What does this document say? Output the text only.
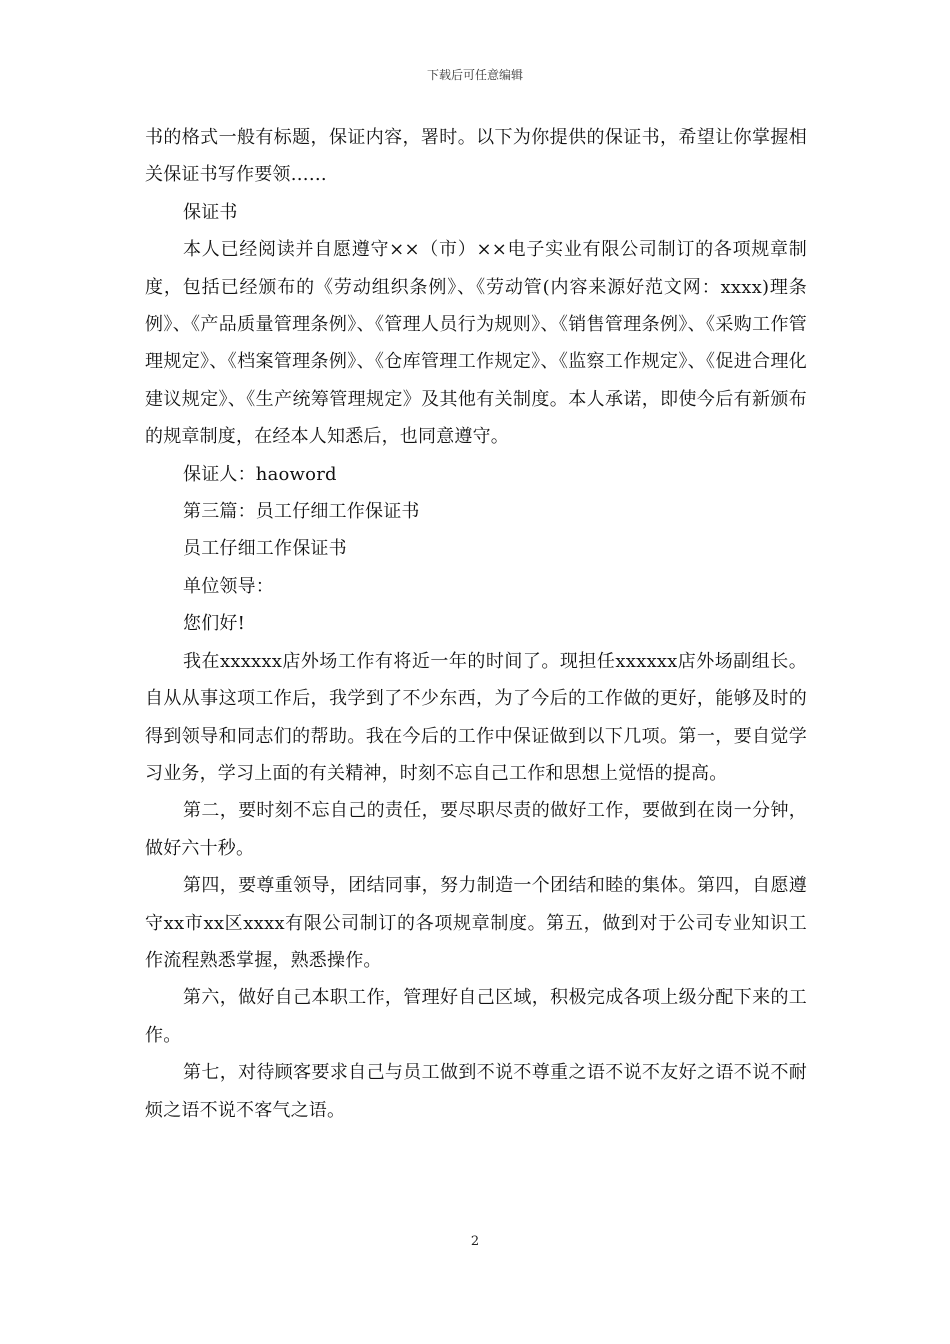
下载后可任意编辑

书的格式一般有标题，保证内容，署时。以下为你提供的保证书，希望让你掌握相关保证书写作要领……

保证书

本人已经阅读并自愿遵守××（市）××电子实业有限公司制订的各项规章制度，包括已经颁布的《劳动组织条例》、《劳动管(内容来源好范文网：xxxx)理条例》、《产品质量管理条例》、《管理人员行为规则》、《销售管理条例》、《采购工作管理规定》、《档案管理条例》、《仓库管理工作规定》、《监察工作规定》、《促进合理化建议规定》、《生产统筹管理规定》及其他有关制度。本人承诺，即使今后有新颁布的规章制度，在经本人知悉后，也同意遵守。

保证人：haoword

第三篇：员工仔细工作保证书

员工仔细工作保证书

单位领导：

您们好!

我在xxxxxx店外场工作有将近一年的时间了。现担任xxxxxx店外场副组长。自从从事这项工作后，我学到了不少东西，为了今后的工作做的更好，能够及时的得到领导和同志们的帮助。我在今后的工作中保证做到以下几项。第一，要自觉学习业务，学习上面的有关精神，时刻不忘自己工作和思想上觉悟的提高。

第二，要时刻不忘自己的责任，要尽职尽责的做好工作，要做到在岗一分钟，做好六十秒。

第四，要尊重领导，团结同事，努力制造一个团结和睦的集体。第四，自愿遵守xx市xx区xxxx有限公司制订的各项规章制度。第五，做到对于公司专业知识工作流程熟悉掌握，熟悉操作。

第六，做好自己本职工作，管理好自己区域，积极完成各项上级分配下来的工作。

第七，对待顾客要求自己与员工做到不说不尊重之语不说不友好之语不说不耐烦之语不说不客气之语。

2
